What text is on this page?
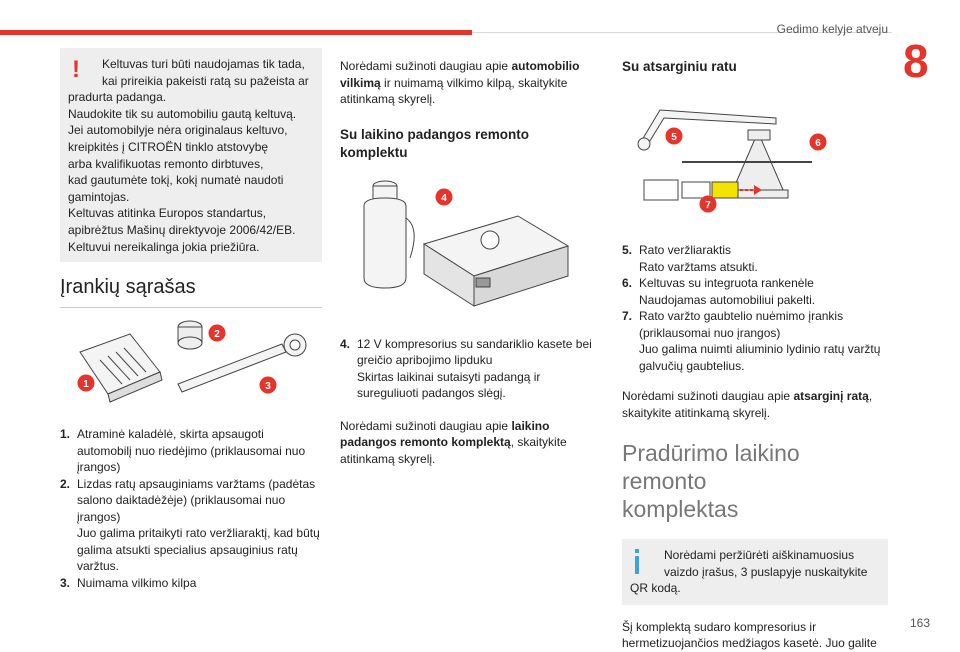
Gedimo kelyje atveju
8
163
!	Keltuvas turi būti naudojamas tik tada,

kai prireikia pakeisti ratą su pažeista ar

pradurta padanga.

Naudokite tik su automobiliu gautą keltuvą.

Jei automobilyje nėra originalaus keltuvo,

kreipkitės į CITROËN tinklo atstovybę

arba kvalifikuotas remonto dirbtuves,

kad gautumėte tokį, kokį numatė naudoti

gamintojas.

Keltuvas atitinka Europos standartus,

apibrėžtus Mašinų direktyvoje 2006/42/EB.

Keltuvui nereikalinga jokia priežiūra.

Įrankių sąrašas
1
2
3
1. Atraminė kaladėlė, skirta apsaugoti

automobilį nuo riedėjimo (priklausomai nuo

įrangos)

2. Lizdas ratų apsauginiams varžtams (padėtas

salono daiktadėžėje) (priklausomai nuo

įrangos)

Juo galima pritaikyti rato veržliaraktį, kad būtų

galima atsukti specialius apsauginius ratų

varžtus.

3. Nuimama vilkimo kilpa

Norėdami sužinoti daugiau apie automobilio

vilkimą ir nuimamą vilkimo kilpą, skaitykite

atitinkamą skyrelį.

Su laikino padangos remonto
komplektu
4
4. 12 V kompresorius su sandariklio kasete bei

greičio apribojimo lipduku

Skirtas laikinai sutaisyti padangą ir

sureguliuoti padangos slėgį.

Norėdami sužinoti daugiau apie laikino

padangos remonto komplektą, skaitykite

atitinkamą skyrelį.

Su atsarginiu ratu
5
6
7
5. Rato veržliaraktis

Rato varžtams atsukti.

6. Keltuvas su integruota rankenėle

Naudojamas automobiliui pakelti.

7. Rato varžto gaubtelio nuėmimo įrankis

(priklausomai nuo įrangos)

Juo galima nuimti aliuminio lydinio ratų varžtų

galvučių gaubtelius.

Norėdami sužinoti daugiau apie atsarginį ratą,

skaitykite atitinkamą skyrelį.

Pradūrimo laikino remonto
komplektas

Norėdami peržiūrėti aiškinamuosius

vaizdo įrašus, 3 puslapyje nuskaitykite

QR kodą.

Šį komplektą sudaro kompresorius ir

hermetizuojančios medžiagos kasetė. Juo galite
